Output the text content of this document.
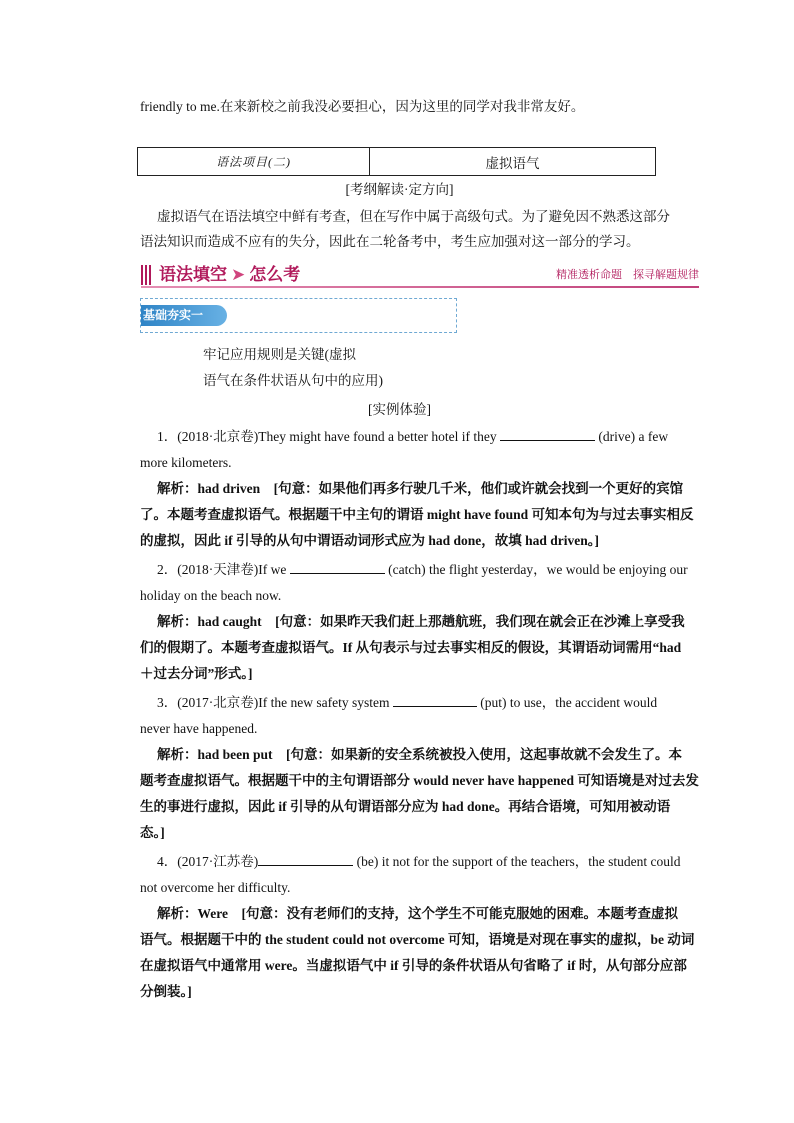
friendly to me.在来新校之前我没必要担心，因为这里的同学对我非常友好。
语法项目(二)	虚拟语气
[考纲解读·定方向]
虚拟语气在语法填空中鲜有考查，但在写作中属于高级句式。为了避免因不熟悉这部分
语法知识而造成不应有的失分，因此在二轮备考中，考生应加强对这一部分的学习。
语法填空 ➤ 怎么考	精准透析命题　探寻解题规律
基础夯实一
牢记应用规则是关键(虚拟
语气在条件状语从句中的应用)
[实例体验]
1．(2018·北京卷)They might have found a better hotel if they	(drive) a few
more kilometers.
解析：had driven　[句意：如果他们再多行驶几千米，他们或许就会找到一个更好的宾馆
了。本题考查虚拟语气。根据题干中主句的谓语 might have found 可知本句为与过去事实相反
的虚拟，因此 if 引导的从句中谓语动词形式应为 had done，故填 had driven。]
2．(2018·天津卷)If we	(catch) the flight yesterday，we would be enjoying our
holiday on the beach now.
解析：had caught　[句意：如果昨天我们赶上那趟航班，我们现在就会正在沙滩上享受我
们的假期了。本题考查虚拟语气。If 从句表示与过去事实相反的假设，其谓语动词需用“had
＋过去分词”形式。]
3．(2017·北京卷)If the new safety system	(put) to use，the accident would
never have happened.
解析：had been put　[句意：如果新的安全系统被投入使用，这起事故就不会发生了。本
题考查虚拟语气。根据题干中的主句谓语部分 would never have happened 可知语境是对过去发
生的事进行虚拟，因此 if 引导的从句谓语部分应为 had done。再结合语境，可知用被动语
态。]
4．(2017·江苏卷)	(be) it not for the support of the teachers，the student could
not overcome her difficulty.
解析：Were　[句意：没有老师们的支持，这个学生不可能克服她的困难。本题考查虚拟
语气。根据题干中的 the student could not overcome 可知，语境是对现在事实的虚拟，be 动词
在虚拟语气中通常用 were。当虚拟语气中 if 引导的条件状语从句省略了 if 时，从句部分应部
分倒装。]
